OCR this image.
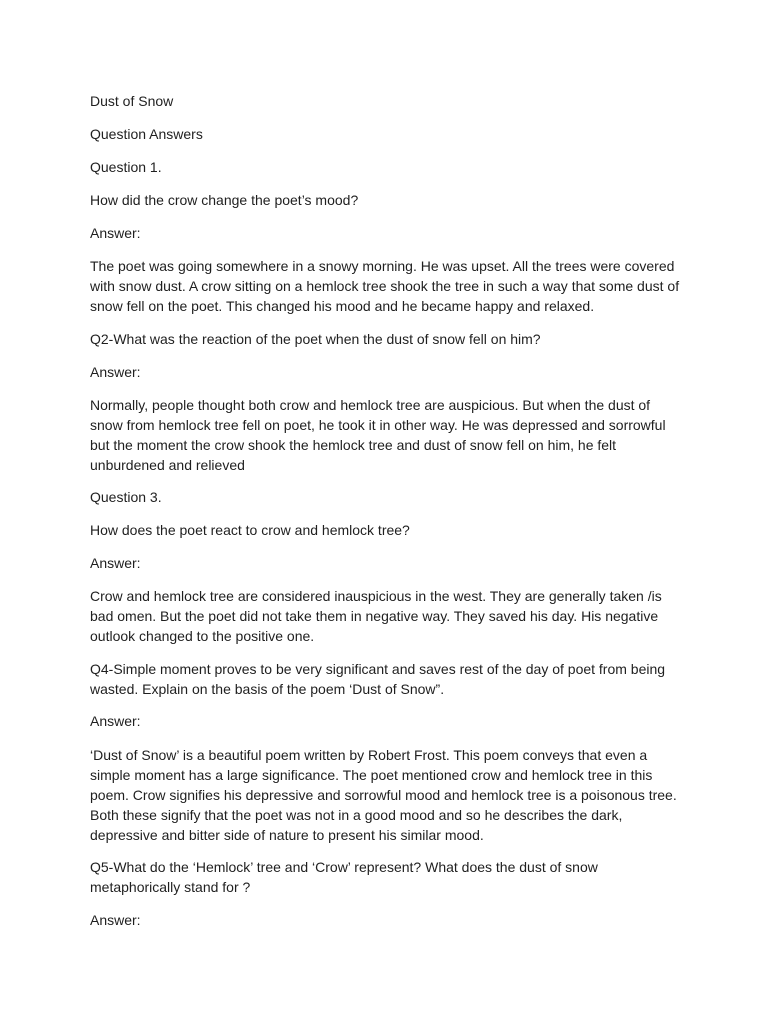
Dust of Snow

Question Answers

Question 1.

How did the crow change the poet’s mood?

Answer:

The poet was going somewhere in a snowy morning. He was upset. All the trees were covered

with snow dust. A crow sitting on a hemlock tree shook the tree in such a way that some dust of

snow fell on the poet. This changed his mood and he became happy and relaxed.

Q2-What was the reaction of the poet when the dust of snow fell on him?

Answer:

Normally, people thought both crow and hemlock tree are auspicious. But when the dust of

snow from hemlock tree fell on poet, he took it in other way. He was depressed and sorrowful

but the moment the crow shook the hemlock tree and dust of snow fell on him, he felt

unburdened and relieved

Question 3.

How does the poet react to crow and hemlock tree?

Answer:

Crow and hemlock tree are considered inauspicious in the west. They are generally taken /is

bad omen. But the poet did not take them in negative way. They saved his day. His negative

outlook changed to the positive one.

Q4-Simple moment proves to be very significant and saves rest of the day of poet from being

wasted. Explain on the basis of the poem ‘Dust of Snow”.

Answer:

‘Dust of Snow’ is a beautiful poem written by Robert Frost. This poem conveys that even a

simple moment has a large significance. The poet mentioned crow and hemlock tree in this

poem. Crow signifies his depressive and sorrowful mood and hemlock tree is a poisonous tree.

Both these signify that the poet was not in a good mood and so he describes the dark,

depressive and bitter side of nature to present his similar mood.

Q5-What do the ‘Hemlock’ tree and ‘Crow’ represent? What does the dust of snow

metaphorically stand for ?

Answer:
